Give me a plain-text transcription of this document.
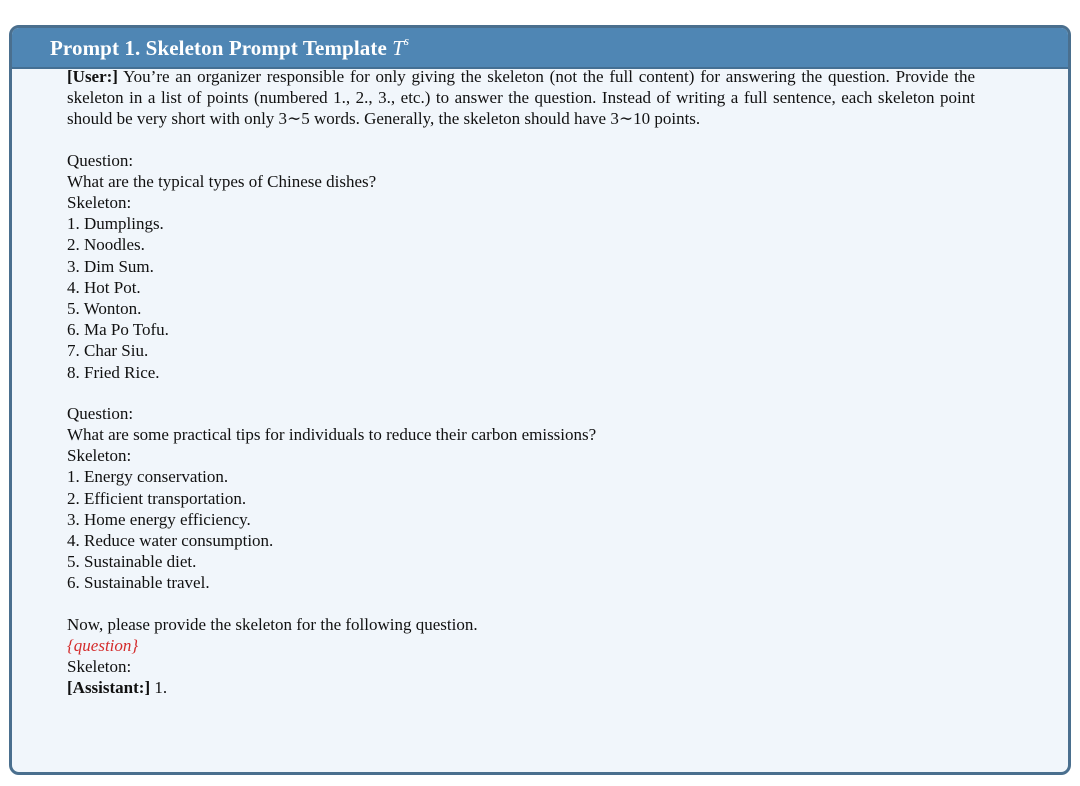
Prompt 1. Skeleton Prompt Template $T^s$

[User:] You’re an organizer responsible for only giving the skeleton (not the full content) for answering the question. Provide the skeleton in a list of points (numbered 1., 2., 3., etc.) to answer the question. Instead of writing a full sentence, each skeleton point should be very short with only 3∼5 words. Generally, the skeleton should have 3∼10 points.

Question:

What are the typical types of Chinese dishes?

Skeleton:

1. Dumplings.

2. Noodles.

3. Dim Sum.

4. Hot Pot.

5. Wonton.

6. Ma Po Tofu.

7. Char Siu.

8. Fried Rice.

Question:

What are some practical tips for individuals to reduce their carbon emissions?

Skeleton:

1. Energy conservation.

2. Efficient transportation.

3. Home energy efficiency.

4. Reduce water consumption.

5. Sustainable diet.

6. Sustainable travel.

Now, please provide the skeleton for the following question.

{question}

Skeleton:

[Assistant:] 1.
